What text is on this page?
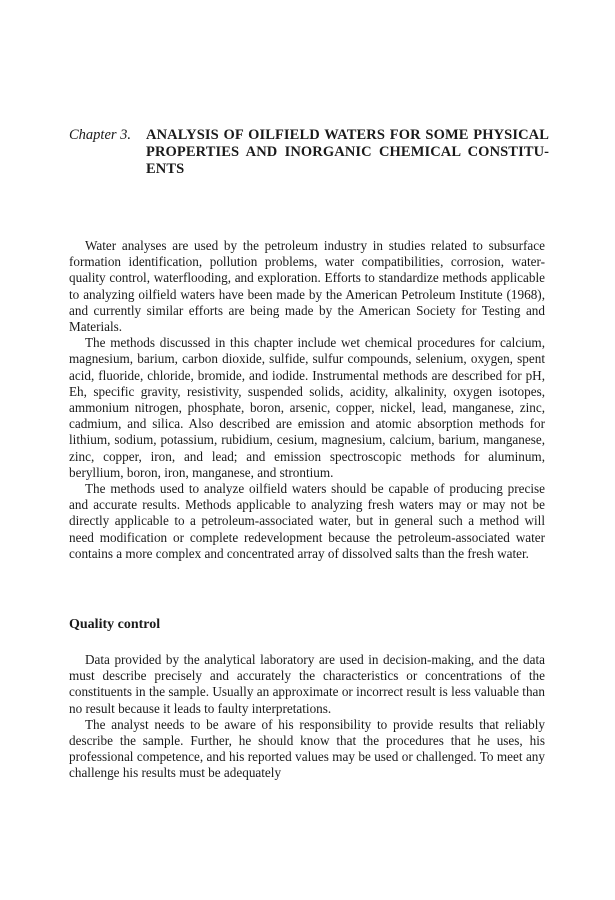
Chapter 3.	ANALYSIS OF OILFIELD WATERS FOR SOME PHYSICAL PROPERTIES AND INORGANIC CHEMICAL CONSTITUENTS

Water analyses are used by the petroleum industry in studies related to subsurface formation identification, pollution problems, water compatibilities, corrosion, water-quality control, waterflooding, and exploration. Efforts to standardize methods applicable to analyzing oilfield waters have been made by the American Petroleum Institute (1968), and currently similar efforts are being made by the American Society for Testing and Materials.

The methods discussed in this chapter include wet chemical procedures for calcium, magnesium, barium, carbon dioxide, sulfide, sulfur compounds, selenium, oxygen, spent acid, fluoride, chloride, bromide, and iodide. Instrumental methods are described for pH, Eh, specific gravity, resistivity, suspended solids, acidity, alkalinity, oxygen isotopes, ammonium nitrogen, phosphate, boron, arsenic, copper, nickel, lead, manganese, zinc, cadmium, and silica. Also described are emission and atomic absorption methods for lithium, sodium, potassium, rubidium, cesium, magnesium, calcium, barium, manganese, zinc, copper, iron, and lead; and emission spectroscopic methods for aluminum, beryllium, boron, iron, manganese, and strontium.

The methods used to analyze oilfield waters should be capable of producing precise and accurate results. Methods applicable to analyzing fresh waters may or may not be directly applicable to a petroleum-associated water, but in general such a method will need modification or complete redevelopment because the petroleum-associated water contains a more complex and concentrated array of dissolved salts than the fresh water.

Quality control

Data provided by the analytical laboratory are used in decision-making, and the data must describe precisely and accurately the characteristics or concentrations of the constituents in the sample. Usually an approximate or incorrect result is less valuable than no result because it leads to faulty interpretations.

The analyst needs to be aware of his responsibility to provide results that reliably describe the sample. Further, he should know that the procedures that he uses, his professional competence, and his reported values may be used or challenged. To meet any challenge his results must be adequately
